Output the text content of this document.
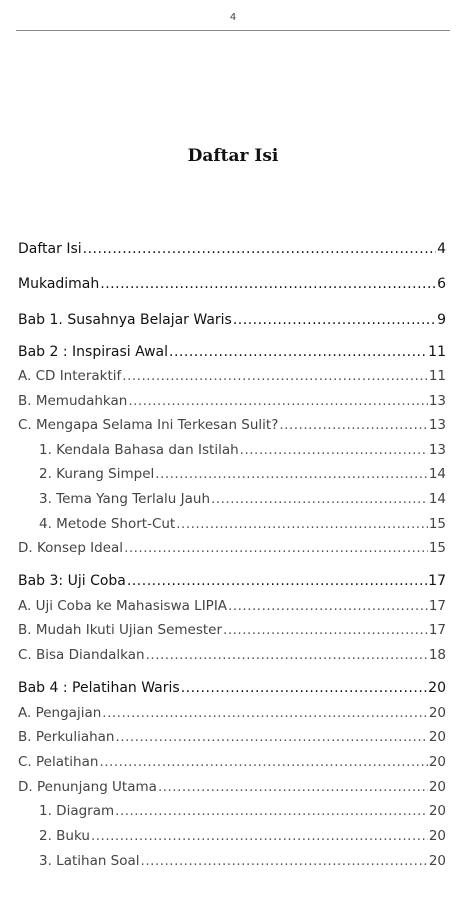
4
Daftar Isi
Daftar Isi .....	4
Mukadimah .....	6
Bab 1. Susahnya Belajar Waris .....	9
Bab 2 : Inspirasi Awal .....	11
A. CD Interaktif .....	11
B. Memudahkan .....	13
C. Mengapa Selama Ini Terkesan Sulit? .....	13
1. Kendala Bahasa dan Istilah .....	13
2. Kurang Simpel .....	14
3. Tema Yang Terlalu Jauh .....	14
4. Metode Short-Cut .....	15
D. Konsep Ideal .....	15
Bab 3: Uji Coba .....	17
A. Uji Coba ke Mahasiswa LIPIA .....	17
B. Mudah Ikuti Ujian Semester .....	17
C. Bisa Diandalkan .....	18
Bab 4 : Pelatihan Waris .....	20
A. Pengajian .....	20
B. Perkuliahan .....	20
C. Pelatihan .....	20
D. Penunjang Utama .....	20
1. Diagram .....	20
2. Buku .....	20
3. Latihan Soal .....	20
